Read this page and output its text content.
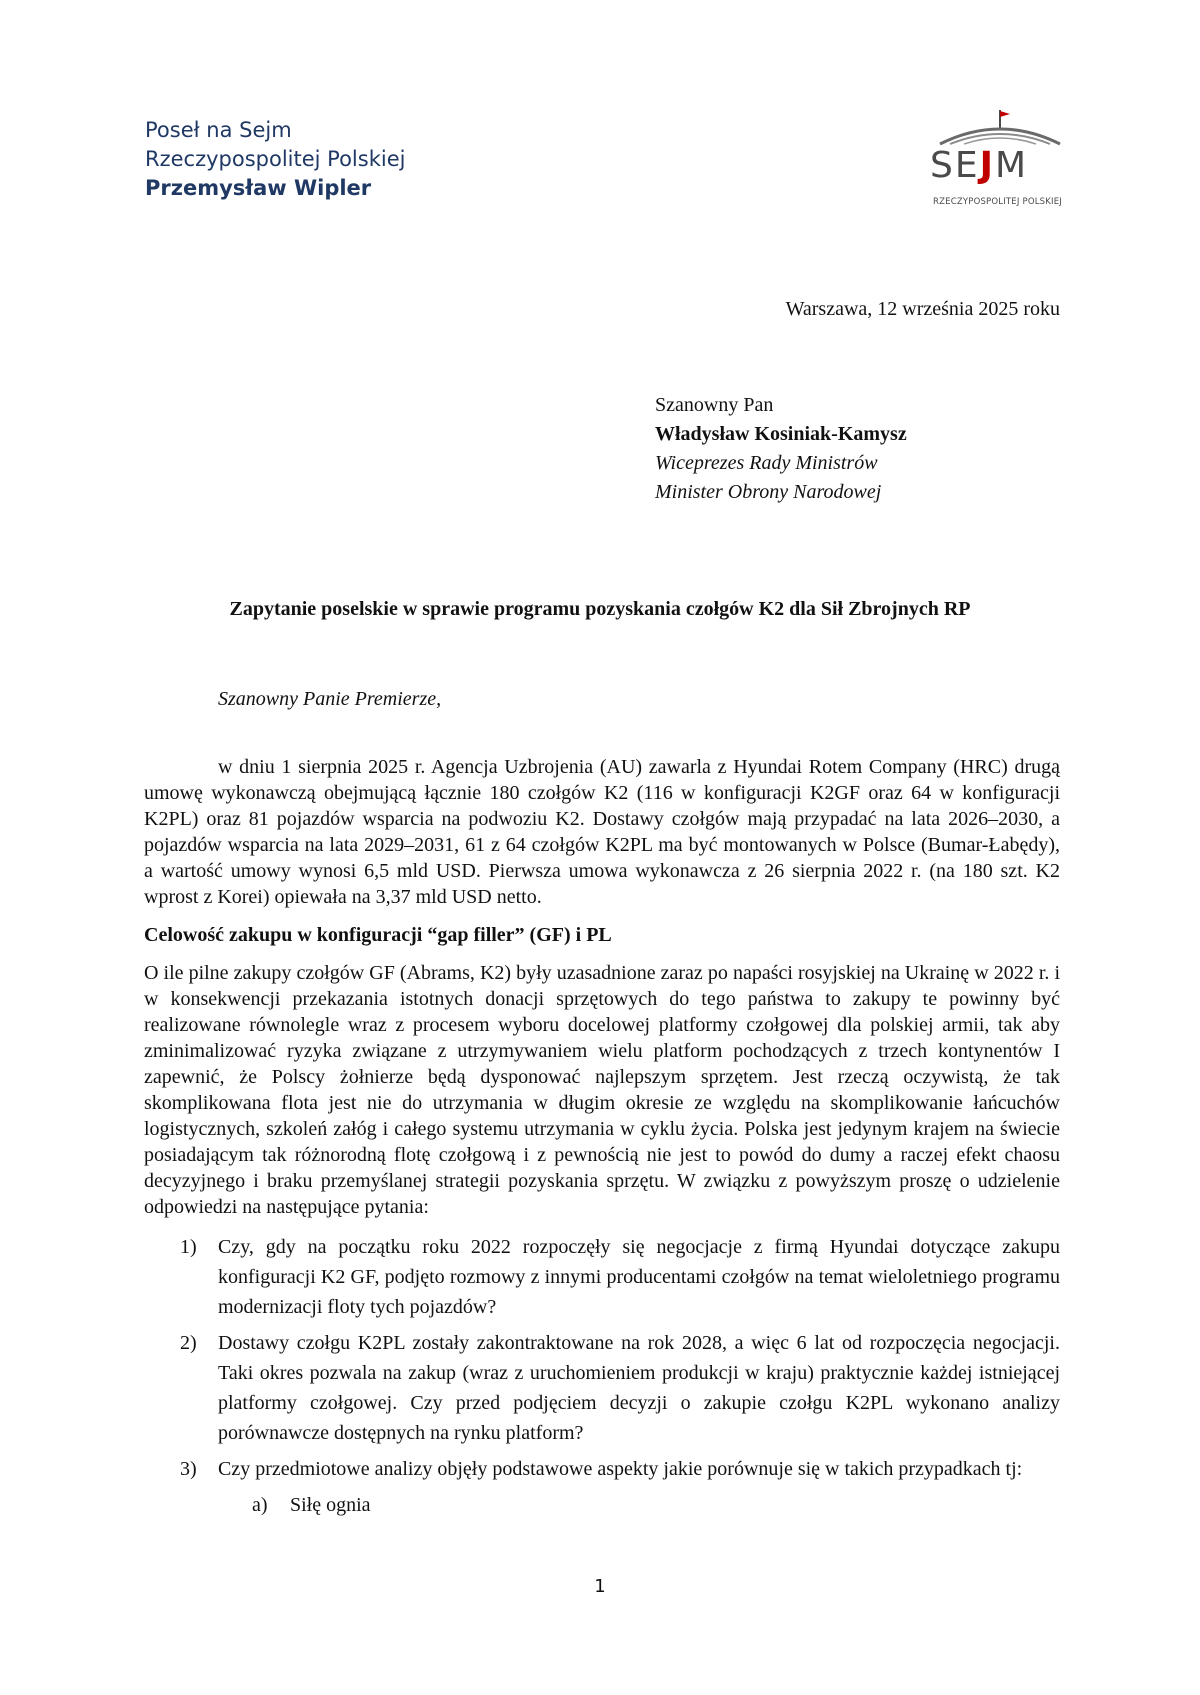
Poseł na Sejm
Rzeczypospolitej Polskiej
Przemysław Wipler
SEJM
RZECZYPOSPOLITEJ POLSKIEJ
Warszawa, 12 września 2025 roku
Szanowny Pan
Władysław Kosiniak-Kamysz
Wiceprezes Rady Ministrów
Minister Obrony Narodowej
Zapytanie poselskie w sprawie programu pozyskania czołgów K2 dla Sił Zbrojnych RP
Szanowny Panie Premierze,
w dniu 1 sierpnia 2025 r. Agencja Uzbrojenia (AU) zawarla z Hyundai Rotem Company (HRC) drugą umowę wykonawczą obejmującą łącznie 180 czołgów K2 (116 w konfiguracji K2GF oraz 64 w konfiguracji K2PL) oraz 81 pojazdów wsparcia na podwoziu K2. Dostawy czołgów mają przypadać na lata 2026–2030, a pojazdów wsparcia na lata 2029–2031, 61 z 64 czołgów K2PL ma być montowanych w Polsce (Bumar-Łabędy), a wartość umowy wynosi 6,5 mld USD. Pierwsza umowa wykonawcza z 26 sierpnia 2022 r. (na 180 szt. K2 wprost z Korei) opiewała na 3,37 mld USD netto.
Celowość zakupu w konfiguracji “gap filler” (GF) i PL
O ile pilne zakupy czołgów GF (Abrams, K2) były uzasadnione zaraz po napaści rosyjskiej na Ukrainę w 2022 r. i w konsekwencji przekazania istotnych donacji sprzętowych do tego państwa to zakupy te powinny być realizowane równolegle wraz z procesem wyboru docelowej platformy czołgowej dla polskiej armii, tak aby zminimalizować ryzyka związane z utrzymywaniem wielu platform pochodzących z trzech kontynentów I zapewnić, że Polscy żołnierze będą dysponować najlepszym sprzętem. Jest rzeczą oczywistą, że tak skomplikowana flota jest nie do utrzymania w długim okresie ze względu na skomplikowanie łańcuchów logistycznych, szkoleń załóg i całego systemu utrzymania w cyklu życia. Polska jest jedynym krajem na świecie posiadającym tak różnorodną flotę czołgową i z pewnością nie jest to powód do dumy a raczej efekt chaosu decyzyjnego i braku przemyślanej strategii pozyskania sprzętu. W związku z powyższym proszę o udzielenie odpowiedzi na następujące pytania:
1) Czy, gdy na początku roku 2022 rozpoczęły się negocjacje z firmą Hyundai dotyczące zakupu konfiguracji K2 GF, podjęto rozmowy z innymi producentami czołgów na temat wieloletniego programu modernizacji floty tych pojazdów?
2) Dostawy czołgu K2PL zostały zakontraktowane na rok 2028, a więc 6 lat od rozpoczęcia negocjacji. Taki okres pozwala na zakup (wraz z uruchomieniem produkcji w kraju) praktycznie każdej istniejącej platformy czołgowej. Czy przed podjęciem decyzji o zakupie czołgu K2PL wykonano analizy porównawcze dostępnych na rynku platform?
3) Czy przedmiotowe analizy objęły podstawowe aspekty jakie porównuje się w takich przypadkach tj:
a) Siłę ognia
1
